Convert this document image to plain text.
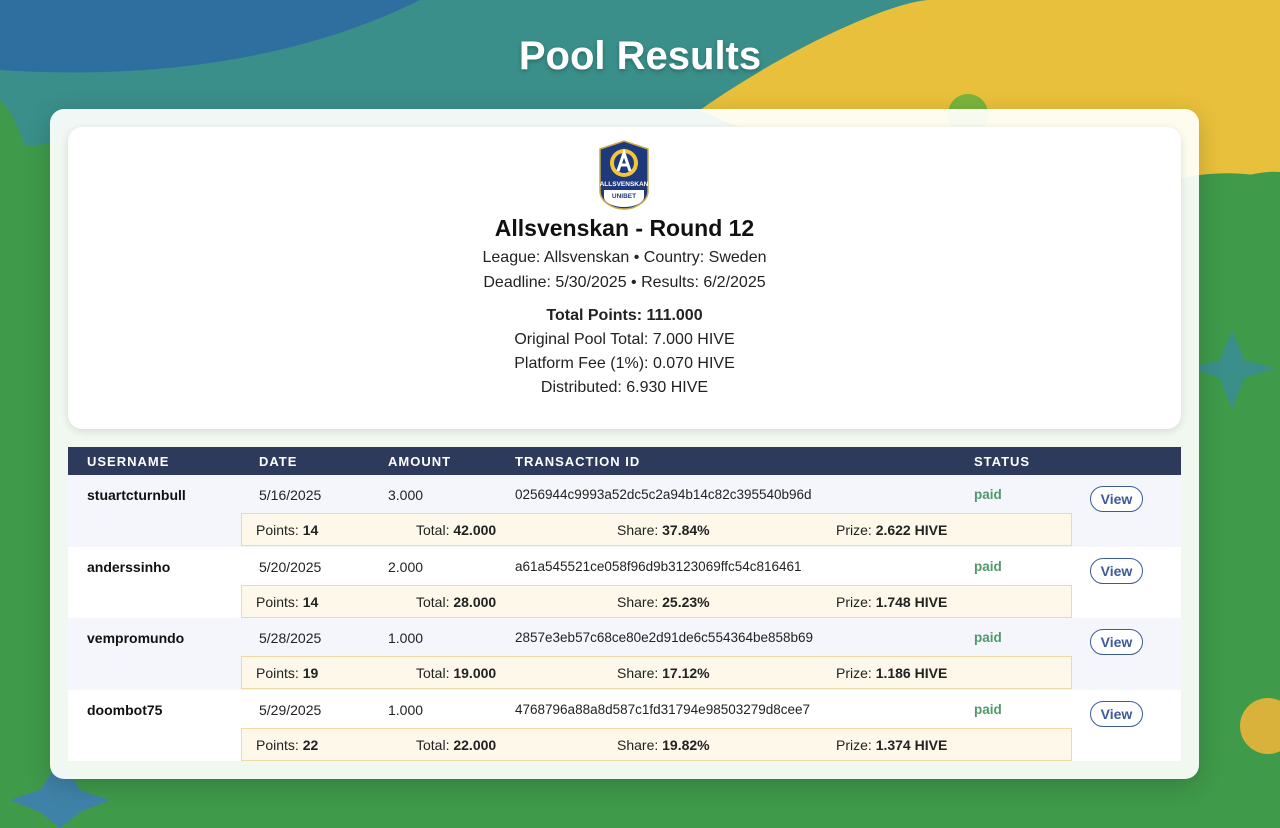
Pool Results
ALLSVENSKAN
UNIBET
Allsvenskan - Round 12
League: Allsvenskan • Country: Sweden
Deadline: 5/30/2025 • Results: 6/2/2025
Total Points: 111.000
Original Pool Total: 7.000 HIVE
Platform Fee (1%): 0.070 HIVE
Distributed: 6.930 HIVE
USERNAME	DATE	AMOUNT	TRANSACTION ID	STATUS
stuartcturnbull	5/16/2025	3.000	0256944c9993a52dc5c2a94b14c82c395540b96d	paid	View
Points: 14	Total: 42.000	Share: 37.84%	Prize: 2.622 HIVE
anderssinho	5/20/2025	2.000	a61a545521ce058f96d9b3123069ffc54c816461	paid	View
Points: 14	Total: 28.000	Share: 25.23%	Prize: 1.748 HIVE
vempromundo	5/28/2025	1.000	2857e3eb57c68ce80e2d91de6c554364be858b69	paid	View
Points: 19	Total: 19.000	Share: 17.12%	Prize: 1.186 HIVE
doombot75	5/29/2025	1.000	4768796a88a8d587c1fd31794e98503279d8cee7	paid	View
Points: 22	Total: 22.000	Share: 19.82%	Prize: 1.374 HIVE
